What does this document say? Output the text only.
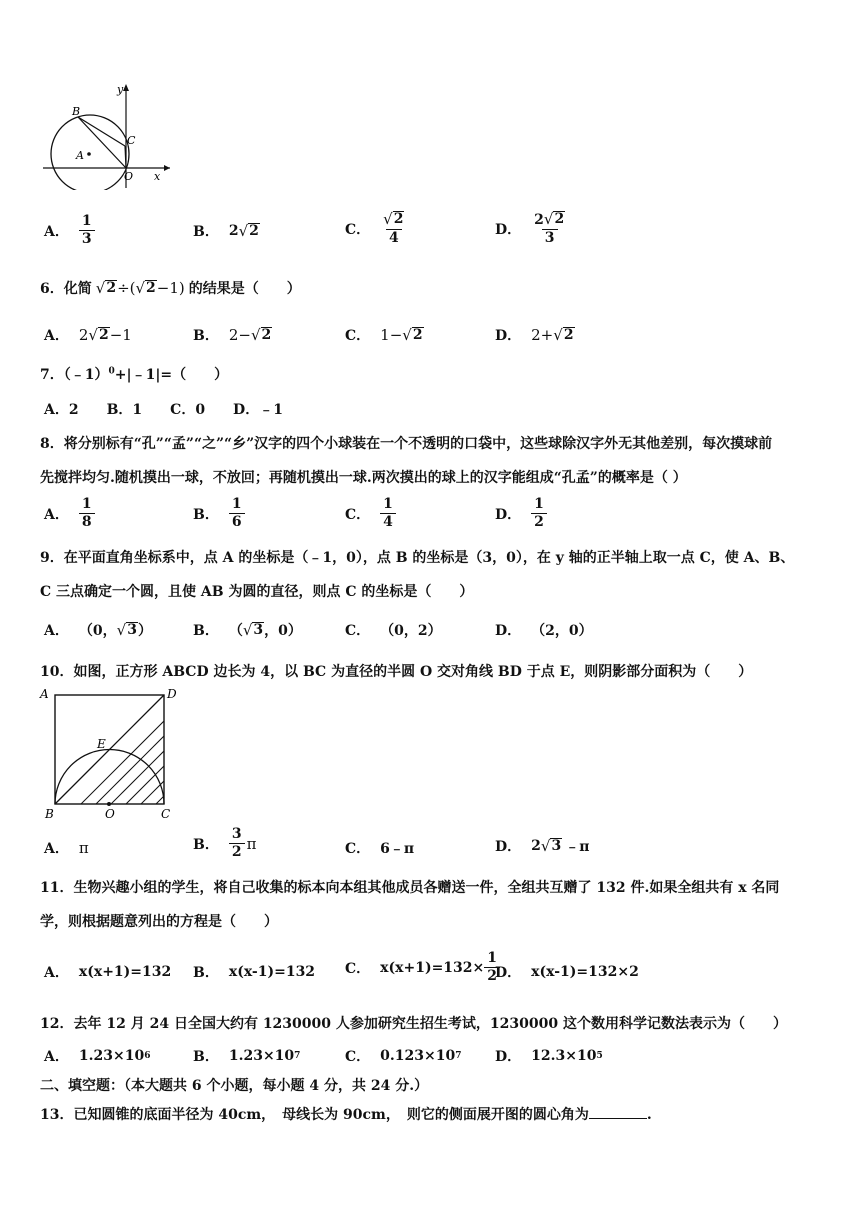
y
B
C
A
O x
A． $\frac{1}{3}$	B． 2 √ 2	C． $\frac{√ 2}{4}$	D． $\frac{2 √ 2}{3}$
6．化简 √ 2 ÷( √ 2 −1) 的结果是（　　）
A． 2 √ 2 −1	B． 2− √ 2	C． 1− √ 2	D． 2+ √ 2
7．（﹣1）$^0$+|﹣1|=（　　）
A．2　　B．1　　C．0　　D．﹣1
8．将分别标有“孔”“孟”“之”“乡”汉字的四个小球装在一个不透明的口袋中，这些球除汉字外无其他差别，每次摸球前
先搅拌均匀.随机摸出一球，不放回；再随机摸出一球.两次摸出的球上的汉字能组成“孔孟”的概率是（ ）
A． $\frac{1}{8}$	B． $\frac{1}{6}$	C． $\frac{1}{4}$	D． $\frac{1}{2}$
9．在平面直角坐标系中，点 A 的坐标是（﹣1，0），点 B 的坐标是（3，0），在 y 轴的正半轴上取一点 C，使 A、B、
C 三点确定一个圆，且使 AB 为圆的直径，则点 C 的坐标是（　　）
A． （0， √ 3 ）	B． （ √ 3 ，0）	C． （0，2）	D． （2，0）
10．如图，正方形 ABCD 边长为 4，以 BC 为直径的半圆 O 交对角线 BD 于点 E，则阴影部分面积为（　　）
A	D
E
B	O	C
A． π	B． $\frac{3}{2}$ π	C． 6﹣π	D． 2 √ 3 ﹣π
11．生物兴趣小组的学生，将自己收集的标本向本组其他成员各赠送一件，全组共互赠了 132 件.如果全组共有 x 名同
学，则根据题意列出的方程是（　　）
A． x(x+1)=132 B． x(x-1)=132 C． $x(x+1)=132\times \frac{1}{2}$
D． x(x-1)=132×2
12．去年 12 月 24 日全国大约有 1230000 人参加研究生招生考试，1230000 这个数用科学记数法表示为（　　）
A． 1.23×10 6	B． 1.23×10 7	C． 0.123×10 7 D． 12.3×10 5
二、填空题：（本大题共 6 个小题，每小题 4 分，共 24 分.）
13．已知圆锥的底面半径为 40cm，　母线长为 90cm，　则它的侧面展开图的圆心角为	.
